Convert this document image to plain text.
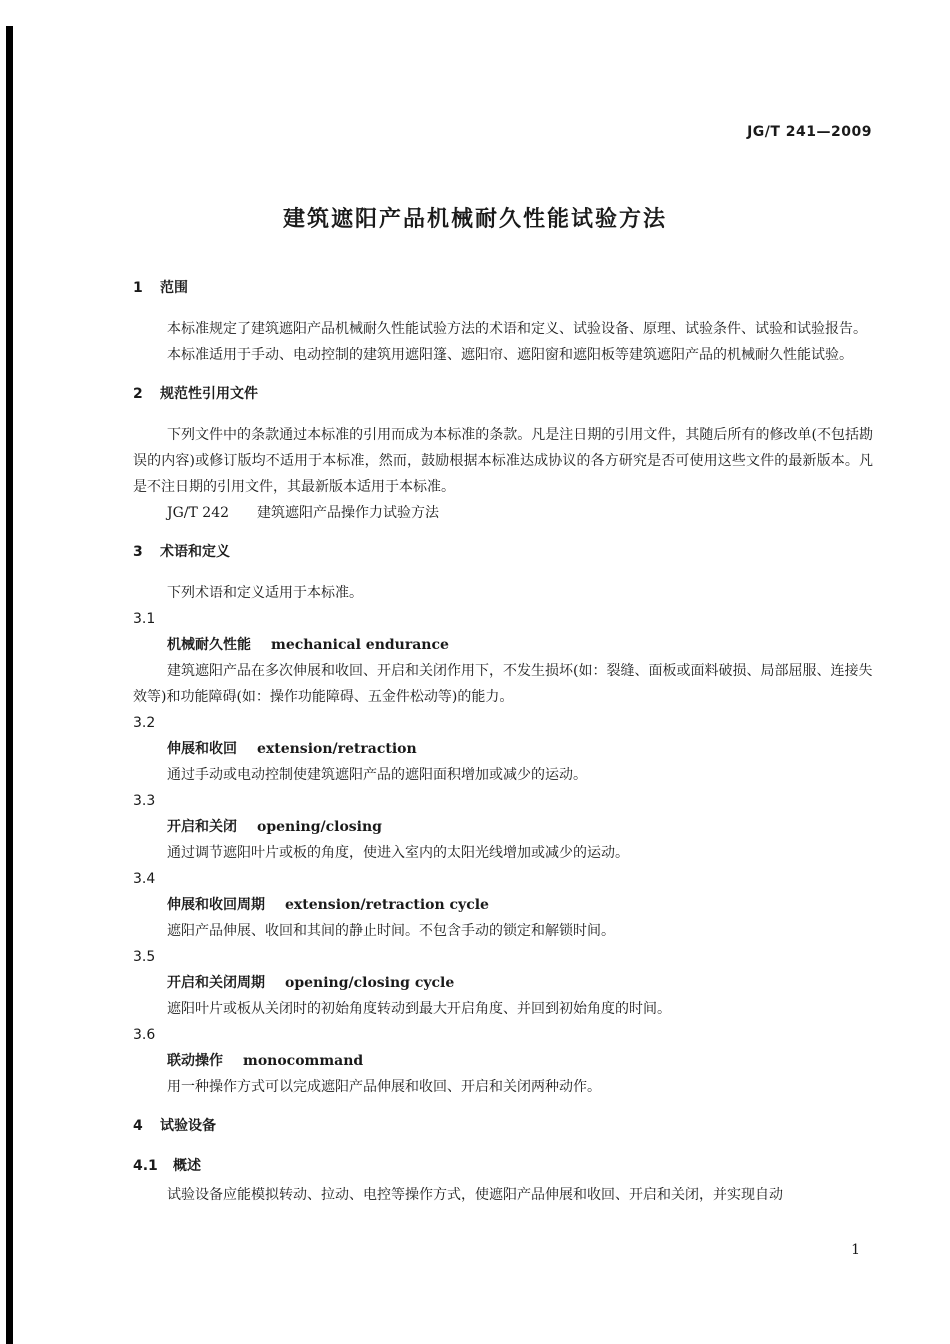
JG/T 241—2009
建筑遮阳产品机械耐久性能试验方法
1 范围

本标准规定了建筑遮阳产品机械耐久性能试验方法的术语和定义、试验设备、原理、试验条件、试验和试验报告。

本标准适用于手动、电动控制的建筑用遮阳篷、遮阳帘、遮阳窗和遮阳板等建筑遮阳产品的机械耐久性能试验。

2 规范性引用文件

下列文件中的条款通过本标准的引用而成为本标准的条款。凡是注日期的引用文件，其随后所有的修改单(不包括勘误的内容)或修订版均不适用于本标准，然而，鼓励根据本标准达成协议的各方研究是否可使用这些文件的最新版本。凡是不注日期的引用文件，其最新版本适用于本标准。

JG/T 242 建筑遮阳产品操作力试验方法
3 术语和定义

下列术语和定义适用于本标准。

3.1

机械耐久性能 mechanical endurance

建筑遮阳产品在多次伸展和收回、开启和关闭作用下，不发生损坏(如：裂缝、面板或面料破损、局部屈服、连接失效等)和功能障碍(如：操作功能障碍、五金件松动等)的能力。

3.2

伸展和收回 extension/retraction

通过手动或电动控制使建筑遮阳产品的遮阳面积增加或减少的运动。

3.3

开启和关闭 opening/closing

通过调节遮阳叶片或板的角度，使进入室内的太阳光线增加或减少的运动。

3.4

伸展和收回周期 extension/retraction cycle

遮阳产品伸展、收回和其间的静止时间。不包含手动的锁定和解锁时间。

3.5

开启和关闭周期 opening/closing cycle

遮阳叶片或板从关闭时的初始角度转动到最大开启角度、并回到初始角度的时间。

3.6

联动操作 monocommand

用一种操作方式可以完成遮阳产品伸展和收回、开启和关闭两种动作。

4 试验设备
4.1 概述

试验设备应能模拟转动、拉动、电控等操作方式，使遮阳产品伸展和收回、开启和关闭，并实现自动

1
